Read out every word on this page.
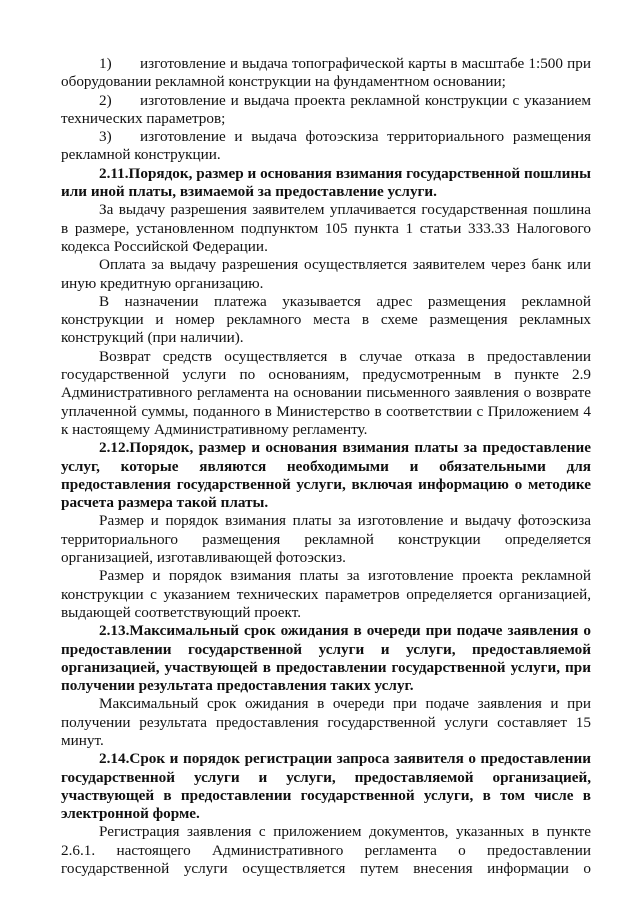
1) изготовление и выдача топографической карты в масштабе 1:500 при оборудовании рекламной конструкции на фундаментном основании;

2) изготовление и выдача проекта рекламной конструкции с указанием технических параметров;

3) изготовление и выдача фотоэскиза территориального размещения рекламной конструкции.

2.11.Порядок, размер и основания взимания государственной пошлины или иной платы, взимаемой за предоставление услуги.

За выдачу разрешения заявителем уплачивается государственная пошлина в размере, установленном подпунктом 105 пункта 1 статьи 333.33 Налогового кодекса Российской Федерации.

Оплата за выдачу разрешения осуществляется заявителем через банк или иную кредитную организацию.

В назначении платежа указывается адрес размещения рекламной конструкции и номер рекламного места в схеме размещения рекламных конструкций (при наличии).

Возврат средств осуществляется в случае отказа в предоставлении государственной услуги по основаниям, предусмотренным в пункте 2.9 Административного регламента на основании письменного заявления о возврате уплаченной суммы, поданного в Министерство в соответствии с Приложением 4 к настоящему Административному регламенту.

2.12.Порядок, размер и основания взимания платы за предоставление услуг, которые являются необходимыми и обязательными для предоставления государственной услуги, включая информацию о методике расчета размера такой платы.

Размер и порядок взимания платы за изготовление и выдачу фотоэскиза территориального размещения рекламной конструкции определяется организацией, изготавливающей фотоэскиз.

Размер и порядок взимания платы за изготовление проекта рекламной конструкции с указанием технических параметров определяется организацией, выдающей соответствующий проект.

2.13.Максимальный срок ожидания в очереди при подаче заявления о предоставлении государственной услуги и услуги, предоставляемой организацией, участвующей в предоставлении государственной услуги, при получении результата предоставления таких услуг.

Максимальный срок ожидания в очереди при подаче заявления и при получении результата предоставления государственной услуги составляет 15 минут.

2.14.Срок и порядок регистрации запроса заявителя о предоставлении государственной услуги и услуги, предоставляемой организацией, участвующей в предоставлении государственной услуги, в том числе в электронной форме.

Регистрация заявления с приложением документов, указанных в пункте 2.6.1. настоящего Административного регламента о предоставлении государственной услуги осуществляется путем внесения информации о
